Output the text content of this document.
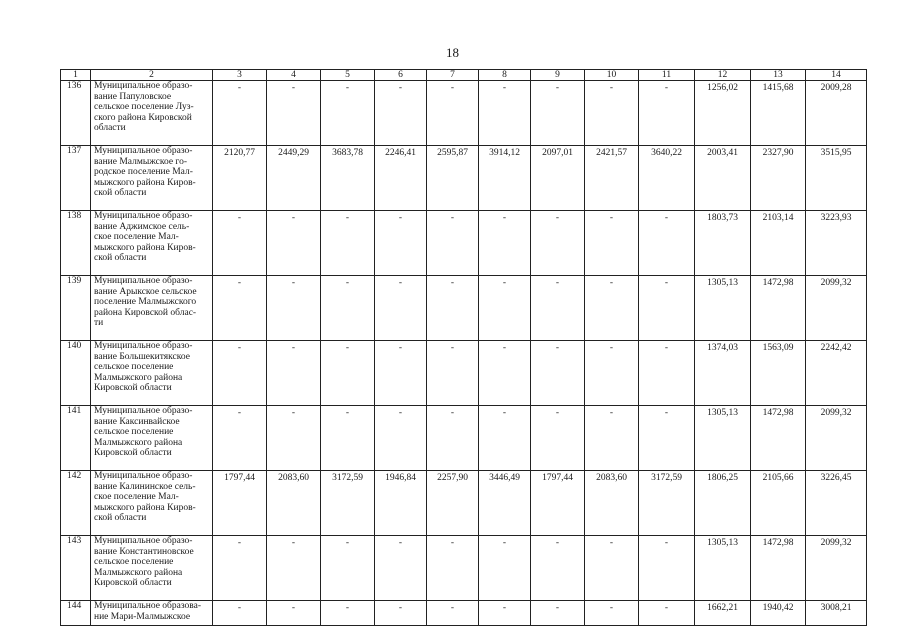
18
1	2	3	4	5	6	7	8	9	10	11	12	13	14
136	Муниципальное образо-
вание Папуловское
сельское поселение Луз-
ского района Кировской
области	-	-	-	-	-	-	-	-	-	1256,02	1415,68	2009,28
137	Муниципальное образо-
вание Малмыжское го-
родское поселение Мал-
мыжского района Киров-
ской области	2120,77	2449,29	3683,78	2246,41	2595,87	3914,12	2097,01	2421,57	3640,22	2003,41	2327,90	3515,95
138	Муниципальное образо-
вание Аджимское сель-
ское поселение Мал-
мыжского района Киров-
ской области	-	-	-	-	-	-	-	-	-	1803,73	2103,14	3223,93
139	Муниципальное образо-
вание Арыкское сельское
поселение Малмыжского
района Кировской облас-
ти	-	-	-	-	-	-	-	-	-	1305,13	1472,98	2099,32
140	Муниципальное образо-
вание Большекитякское
сельское поселение
Малмыжского района
Кировской области	-	-	-	-	-	-	-	-	-	1374,03	1563,09	2242,42
141	Муниципальное образо-
вание Каксинвайское
сельское поселение
Малмыжского района
Кировской области	-	-	-	-	-	-	-	-	-	1305,13	1472,98	2099,32
142	Муниципальное образо-
вание Калининское сель-
ское поселение Мал-
мыжского района Киров-
ской области	1797,44	2083,60	3172,59	1946,84	2257,90	3446,49	1797,44	2083,60	3172,59	1806,25	2105,66	3226,45
143	Муниципальное образо-
вание Константиновское
сельское поселение
Малмыжского района
Кировской области	-	-	-	-	-	-	-	-	-	1305,13	1472,98	2099,32
144	Муниципальное образова-
ние Мари-Малмыжское	-	-	-	-	-	-	-	-	-	1662,21	1940,42	3008,21
